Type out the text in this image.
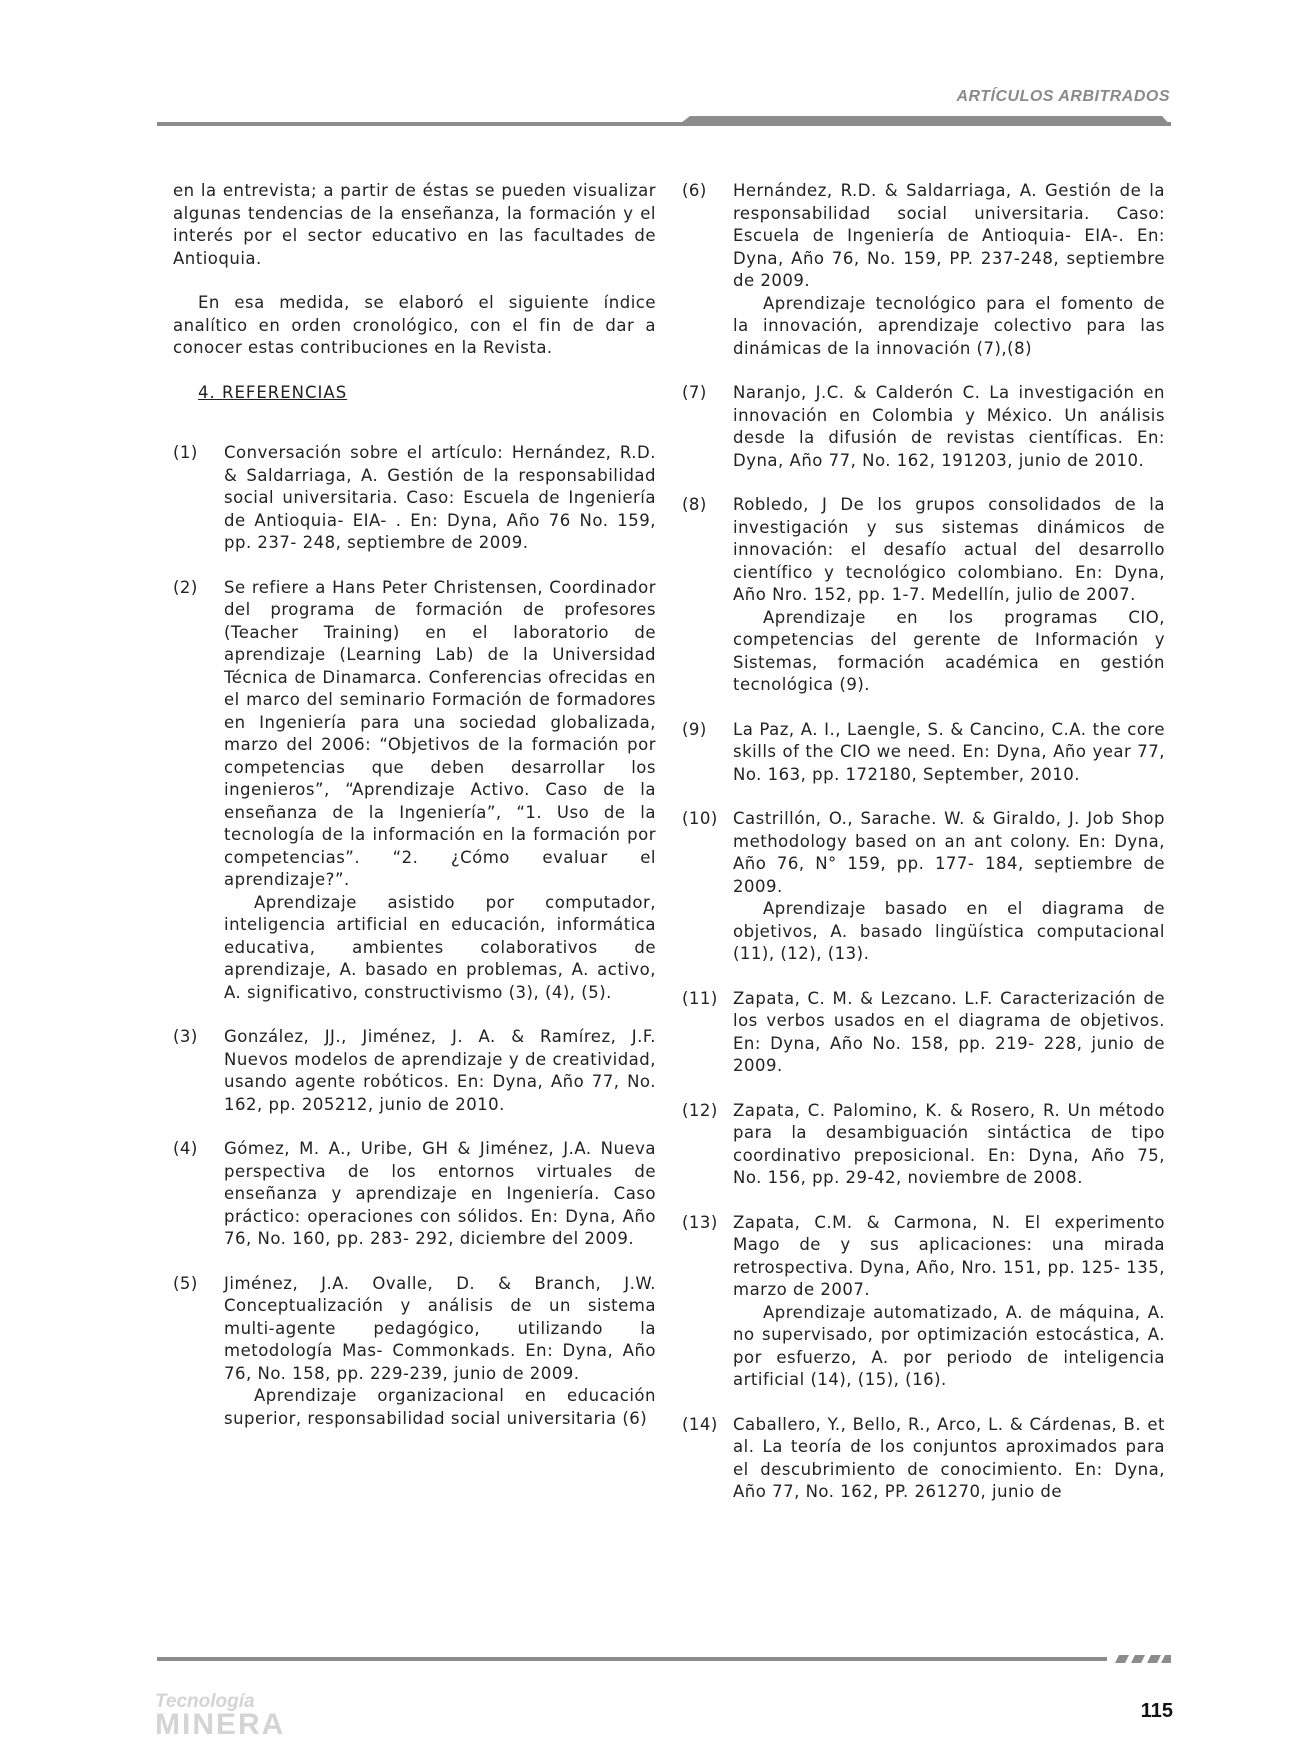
ARTÍCULOS ARBITRADOS

en la entrevista; a partir de éstas se pueden visualizar algunas tendencias de la enseñanza, la formación y el interés por el sector educativo en las facultades de Antioquia.

En esa medida, se elaboró el siguiente índice analítico en orden cronológico, con el fin de dar a conocer estas contribuciones en la Revista.

4. REFERENCIAS
(1) Conversación sobre el artículo: Hernández, R.D. & Saldarriaga, A. Gestión de la responsabilidad social universitaria. Caso: Escuela de Ingeniería de Antioquia- EIA- . En: Dyna, Año 76 No. 159, pp. 237- 248, septiembre de 2009.
(2) Se refiere a Hans Peter Christensen, Coordinador del programa de formación de profesores (Teacher Training) en el laboratorio de aprendizaje (Learning Lab) de la Universidad Técnica de Dinamarca. Conferencias ofrecidas en el marco del seminario Formación de formadores en Ingeniería para una sociedad globalizada, marzo del 2006: “Objetivos de la formación por competencias que deben desarrollar los ingenieros”, “Aprendizaje Activo. Caso de la enseñanza de la Ingeniería”, “1. Uso de la tecnología de la información en la formación por competencias”. “2. ¿Cómo evaluar el aprendizaje?”.
Aprendizaje asistido por computador, inteligencia artificial en educación, informática educativa, ambientes colaborativos de aprendizaje, A. basado en problemas, A. activo, A. significativo, constructivismo (3), (4), (5).
(3) González, JJ., Jiménez, J. A. & Ramírez, J.F. Nuevos modelos de aprendizaje y de creatividad, usando agente robóticos. En: Dyna, Año 77, No. 162, pp. 205212, junio de 2010.
(4) Gómez, M. A., Uribe, GH & Jiménez, J.A. Nueva perspectiva de los entornos virtuales de enseñanza y aprendizaje en Ingeniería. Caso práctico: operaciones con sólidos. En: Dyna, Año 76, No. 160, pp. 283- 292, diciembre del 2009.
(5) Jiménez, J.A. Ovalle, D. & Branch, J.W. Conceptualización y análisis de un sistema multi-agente pedagógico, utilizando la metodología Mas- Commonkads. En: Dyna, Año 76, No. 158, pp. 229-239, junio de 2009.
Aprendizaje organizacional en educación superior, responsabilidad social universitaria (6)
(6) Hernández, R.D. & Saldarriaga, A. Gestión de la responsabilidad social universitaria. Caso: Escuela de Ingeniería de Antioquia- EIA-. En: Dyna, Año 76, No. 159, PP. 237-248, septiembre de 2009.
Aprendizaje tecnológico para el fomento de la innovación, aprendizaje colectivo para las dinámicas de la innovación (7),(8)
(7) Naranjo, J.C. & Calderón C. La investigación en innovación en Colombia y México. Un análisis desde la difusión de revistas científicas. En: Dyna, Año 77, No. 162, 191203, junio de 2010.
(8) Robledo, J De los grupos consolidados de la investigación y sus sistemas dinámicos de innovación: el desafío actual del desarrollo científico y tecnológico colombiano. En: Dyna, Año Nro. 152, pp. 1-7. Medellín, julio de 2007.
Aprendizaje en los programas CIO, competencias del gerente de Información y Sistemas, formación académica en gestión tecnológica (9).
(9) La Paz, A. I., Laengle, S. & Cancino, C.A. the core skills of the CIO we need. En: Dyna, Año year 77, No. 163, pp. 172180, September, 2010.
(10) Castrillón, O., Sarache. W. & Giraldo, J. Job Shop methodology based on an ant colony. En: Dyna, Año 76, N° 159, pp. 177- 184, septiembre de 2009.
Aprendizaje basado en el diagrama de objetivos, A. basado lingüística computacional (11), (12), (13).
(11) Zapata, C. M. & Lezcano. L.F. Caracterización de los verbos usados en el diagrama de objetivos. En: Dyna, Año No. 158, pp. 219- 228, junio de 2009.
(12) Zapata, C. Palomino, K. & Rosero, R. Un método para la desambiguación sintáctica de tipo coordinativo preposicional. En: Dyna, Año 75, No. 156, pp. 29-42, noviembre de 2008.
(13) Zapata, C.M. & Carmona, N. El experimento Mago de y sus aplicaciones: una mirada retrospectiva. Dyna, Año, Nro. 151, pp. 125- 135, marzo de 2007.
Aprendizaje automatizado, A. de máquina, A. no supervisado, por optimización estocástica, A. por esfuerzo, A. por periodo de inteligencia artificial (14), (15), (16).
(14) Caballero, Y., Bello, R., Arco, L. & Cárdenas, B. et al. La teoría de los conjuntos aproximados para el descubrimiento de conocimiento. En: Dyna, Año 77, No. 162, PP. 261270, junio de
Tecnología
MINERA	115
